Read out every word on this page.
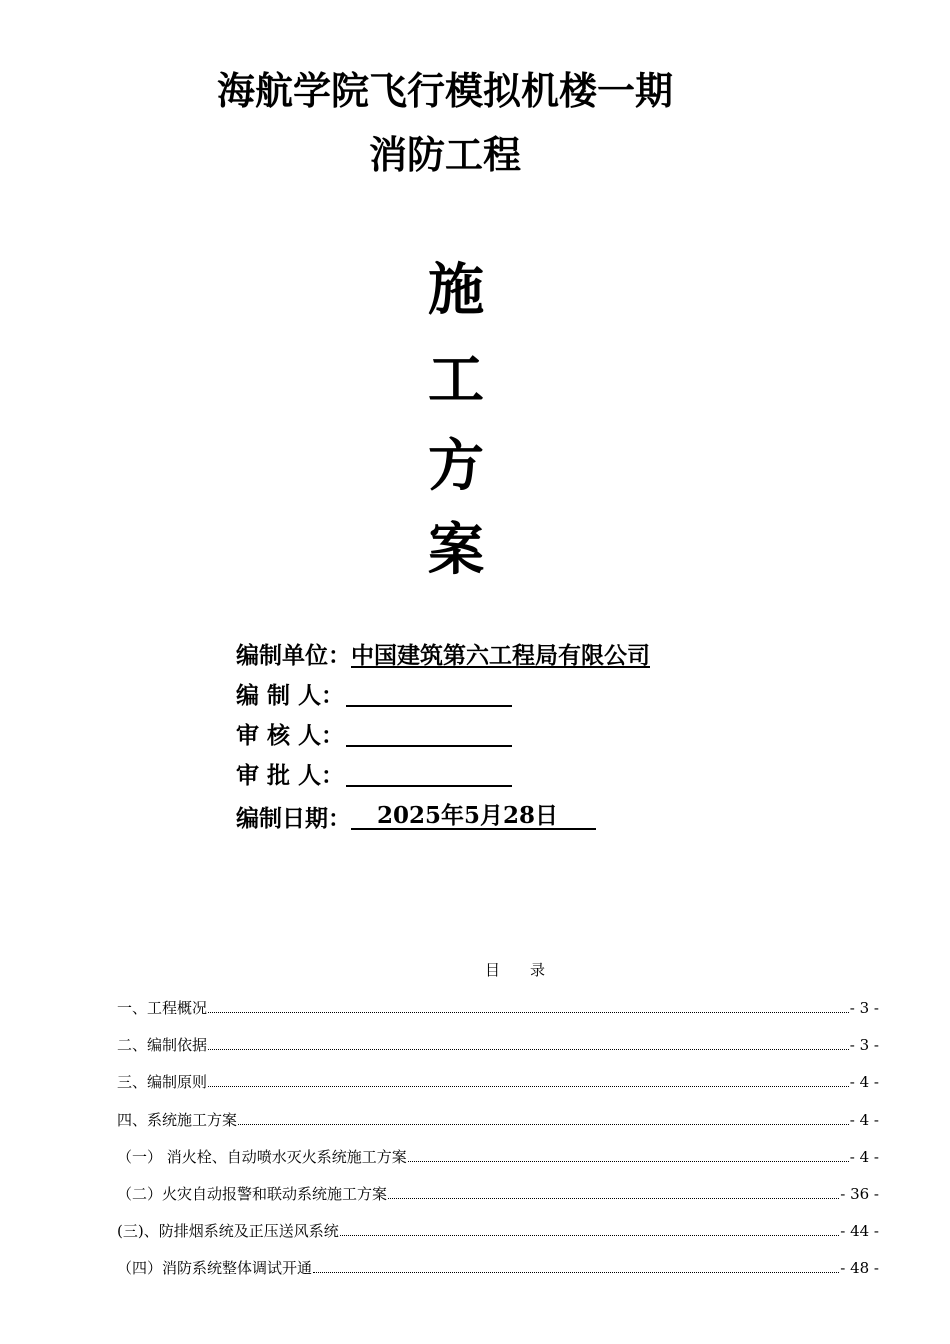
海航学院飞行模拟机楼一期
消防工程
施
工
方
案
编制单位： 中国建筑第六工程局有限公司
编 制 人：
审 核 人：
审 批 人：
编制日期：	2025年5月28日
目　　录
一、工程概况	- 3 -
二、编制依据	- 3 -
三、编制原则	- 4 -
四、系统施工方案	- 4 -
（一） 消火栓、自动喷水灭火系统施工方案	- 4 -
（二）火灾自动报警和联动系统施工方案	- 36 -
(三)、防排烟系统及正压送风系统	- 44 -
（四）消防系统整体调试开通	- 48 -
